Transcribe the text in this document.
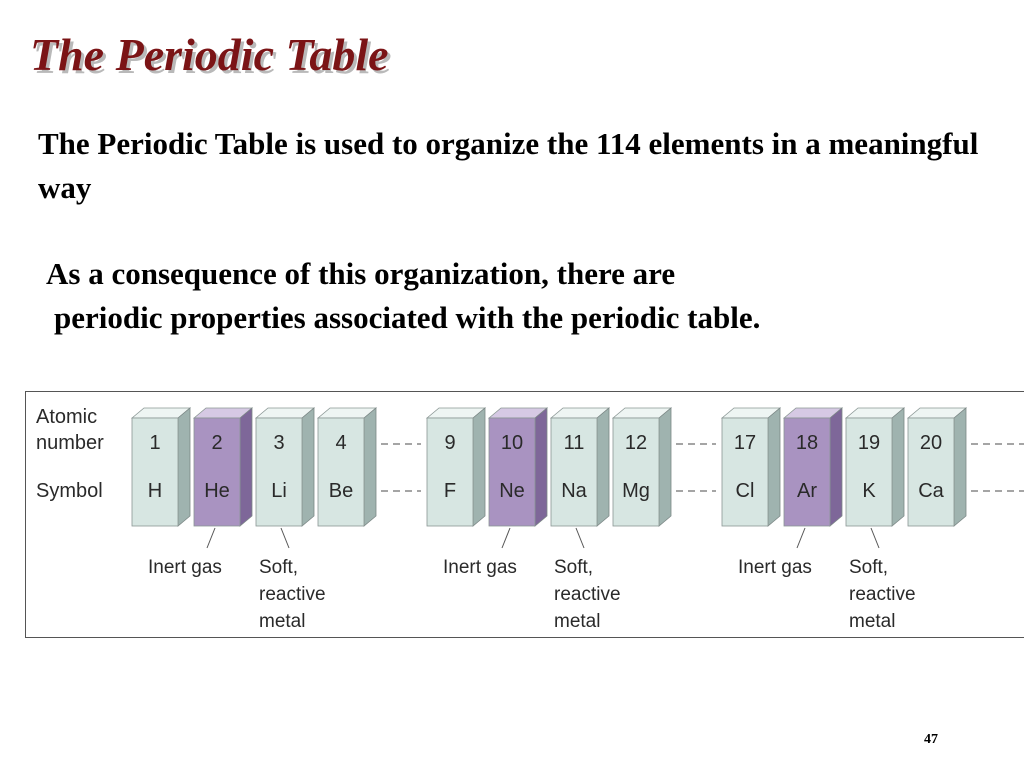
The Periodic Table

The Periodic Table is used to organize the 114 elements in a meaningful way

As a consequence of this organization, there are
periodic properties associated with the periodic table.

Atomic
number
Symbol
1
H
2
He
3
Li
4
Be
Inert gas Soft,
reactive
metal
9
F
10
Ne
11
Na
12
Mg
Inert gas Soft,
reactive
metal
17
Cl
18
Ar
19
K
20
Ca
Inert gas Soft,
reactive
metal
47
